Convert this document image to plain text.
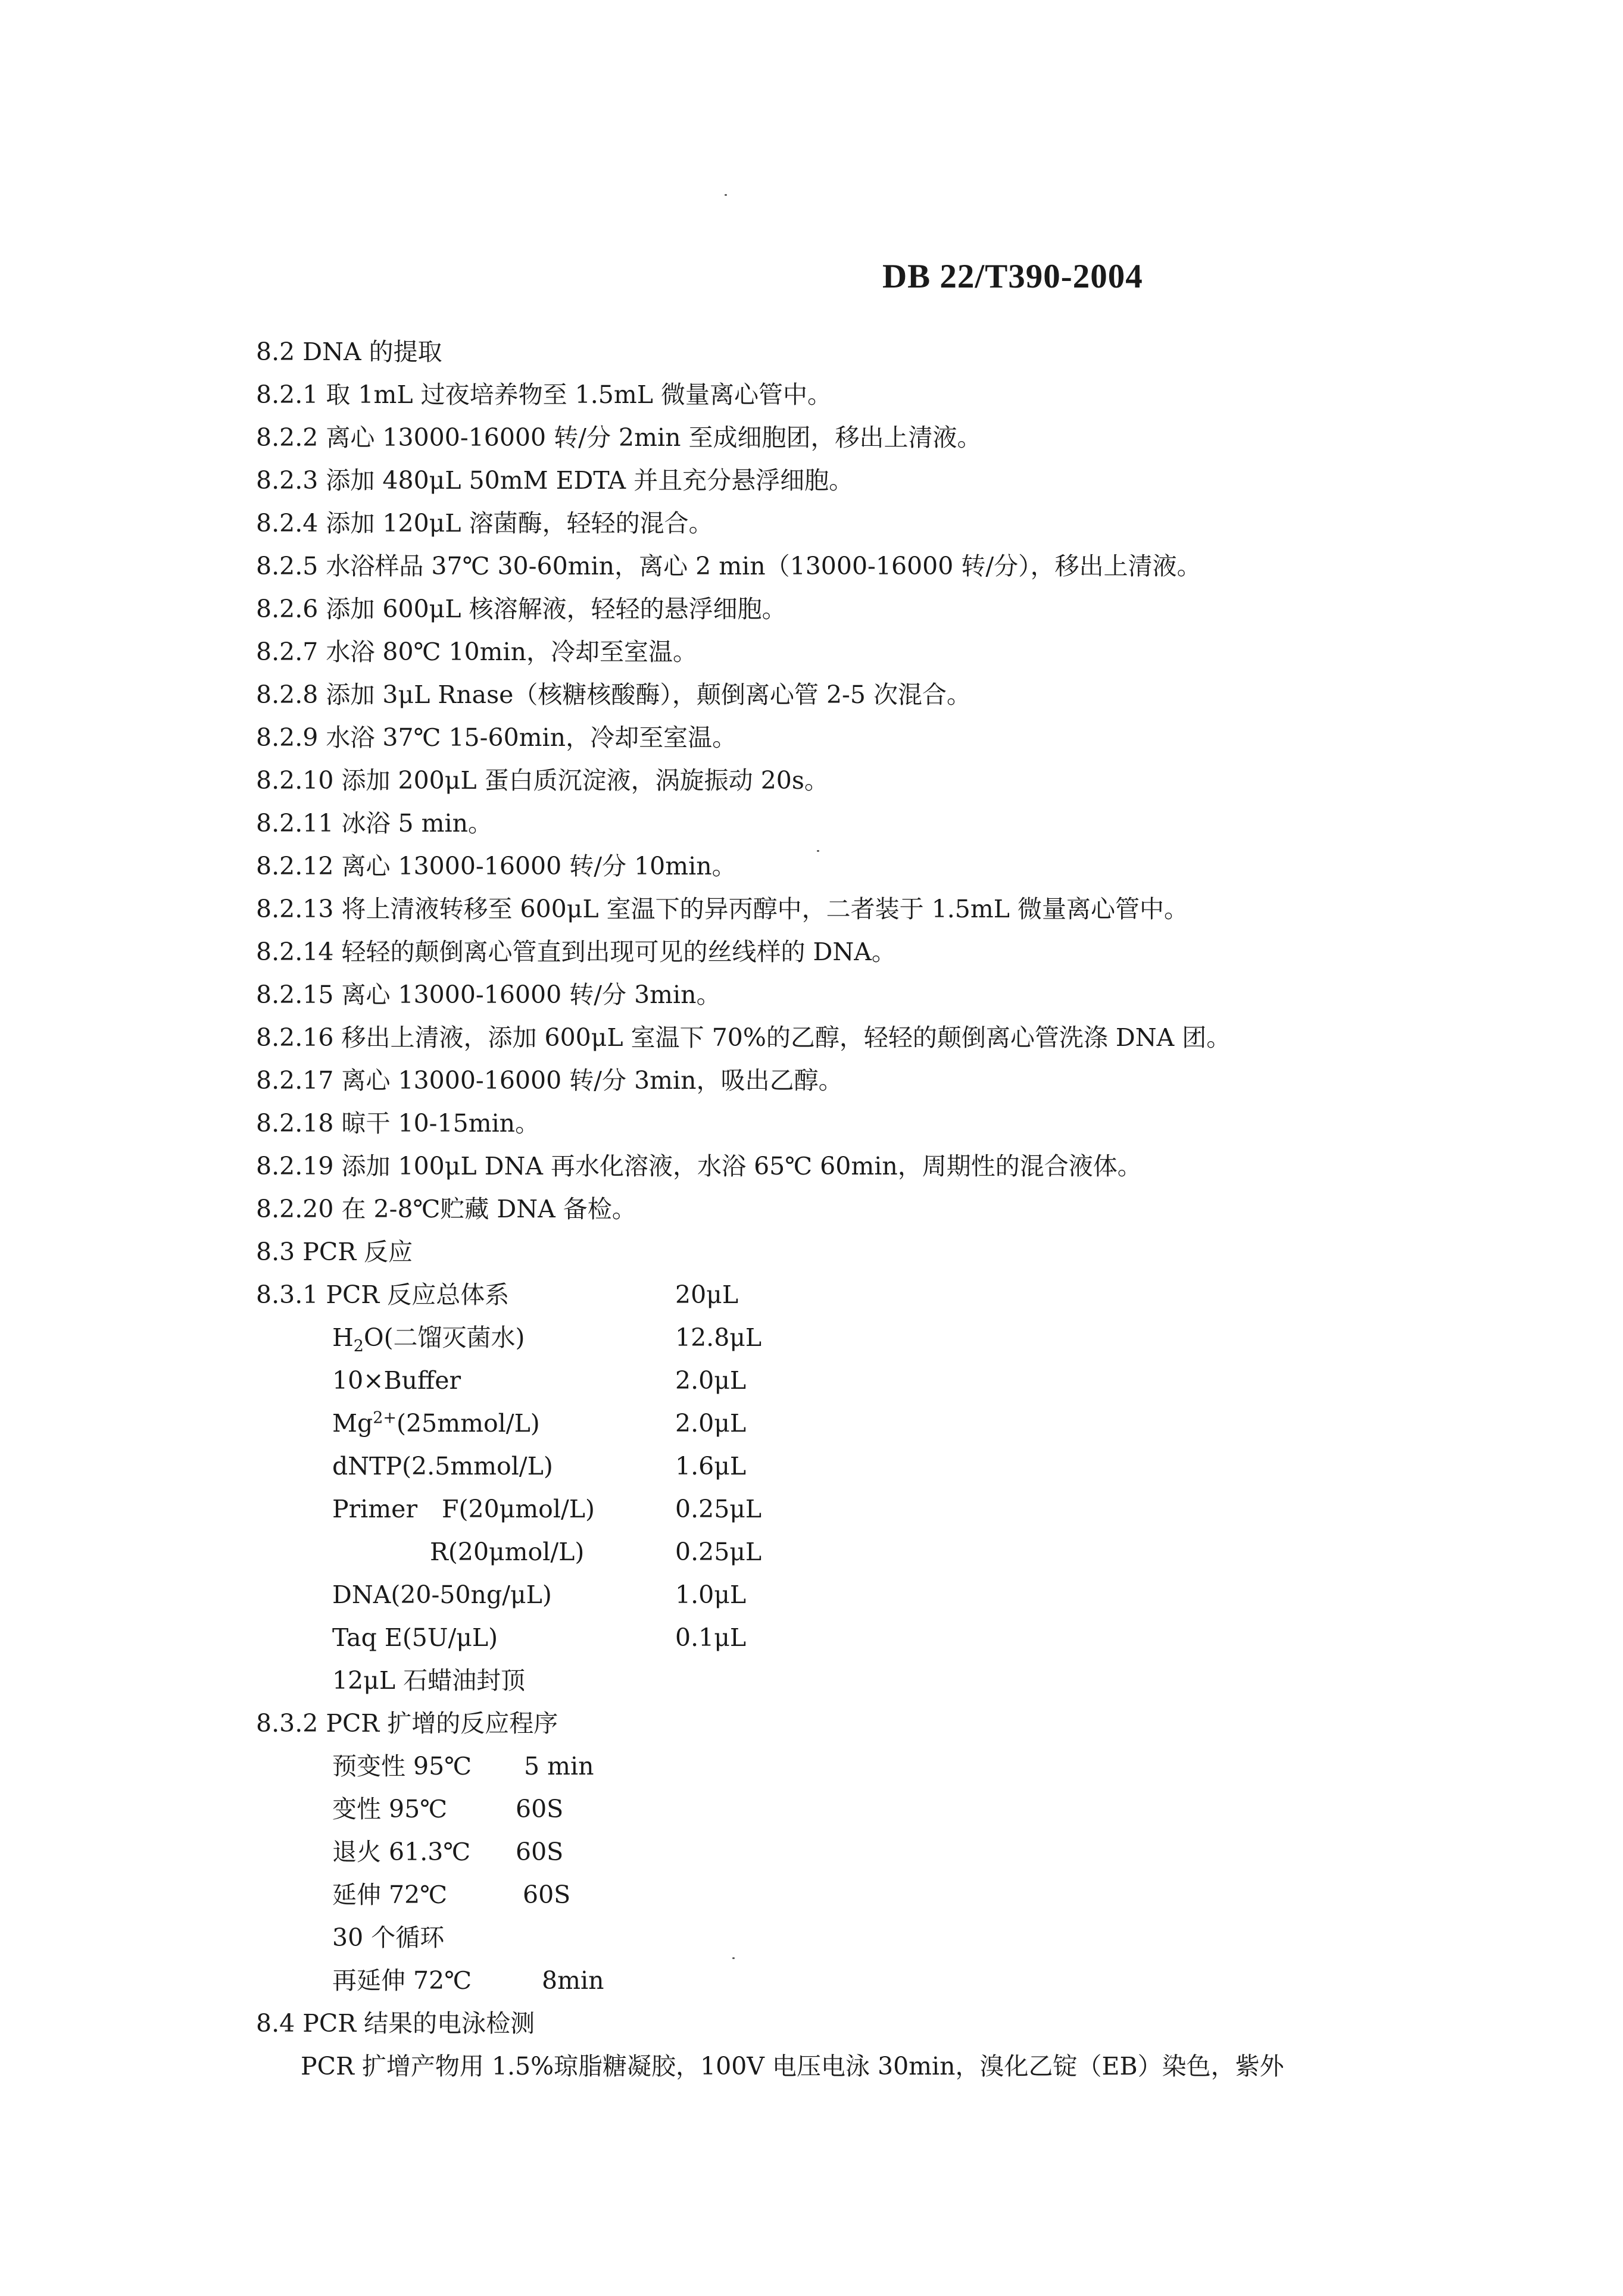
DB 22/T390-2004
8.2 DNA 的提取
8.2.1 取 1mL 过夜培养物至 1.5mL 微量离心管中。
8.2.2 离心 13000-16000 转/分 2min 至成细胞团，移出上清液。
8.2.3 添加 480μL 50mM EDTA 并且充分悬浮细胞。
8.2.4 添加 120μL 溶菌酶，轻轻的混合。
8.2.5 水浴样品 37℃ 30-60min，离心 2 min（13000-16000 转/分），移出上清液。
8.2.6 添加 600μL 核溶解液，轻轻的悬浮细胞。
8.2.7 水浴 80℃ 10min，冷却至室温。
8.2.8 添加 3μL Rnase（核糖核酸酶），颠倒离心管 2-5 次混合。
8.2.9 水浴 37℃ 15-60min，冷却至室温。
8.2.10 添加 200μL 蛋白质沉淀液，涡旋振动 20s。
8.2.11 冰浴 5 min。
8.2.12 离心 13000-16000 转/分 10min。
8.2.13 将上清液转移至 600μL 室温下的异丙醇中，二者装于 1.5mL 微量离心管中。
8.2.14 轻轻的颠倒离心管直到出现可见的丝线样的 DNA。
8.2.15 离心 13000-16000 转/分 3min。
8.2.16 移出上清液，添加 600μL 室温下 70%的乙醇，轻轻的颠倒离心管洗涤 DNA 团。
8.2.17 离心 13000-16000 转/分 3min，吸出乙醇。
8.2.18 晾干 10-15min。
8.2.19 添加 100μL DNA 再水化溶液，水浴 65℃ 60min，周期性的混合液体。
8.2.20 在 2-8℃贮藏 DNA 备检。
8.3 PCR 反应
8.3.1 PCR 反应总体系	20μL
$H_2O$(二馏灭菌水)	12.8μL
10×Buffer	2.0μL
$Mg^{2+}(25mmol/L)$	2.0μL
dNTP(2.5mmol/L)	1.6μL
Primer　F(20μmol/L)	0.25μL
R(20μmol/L)	0.25μL
DNA(20-50ng/μL)	1.0μL
Taq E(5U/μL)	0.1μL
12μL 石蜡油封顶
8.3.2 PCR 扩增的反应程序
预变性 95℃ 5 min
变性 95℃	60S
退火 61.3℃ 60S
延伸 72℃	60S
30 个循环
再延伸 72℃	8min
8.4 PCR 结果的电泳检测
PCR 扩增产物用 1.5%琼脂糖凝胶，100V 电压电泳 30min，溴化乙锭（EB）染色，紫外
